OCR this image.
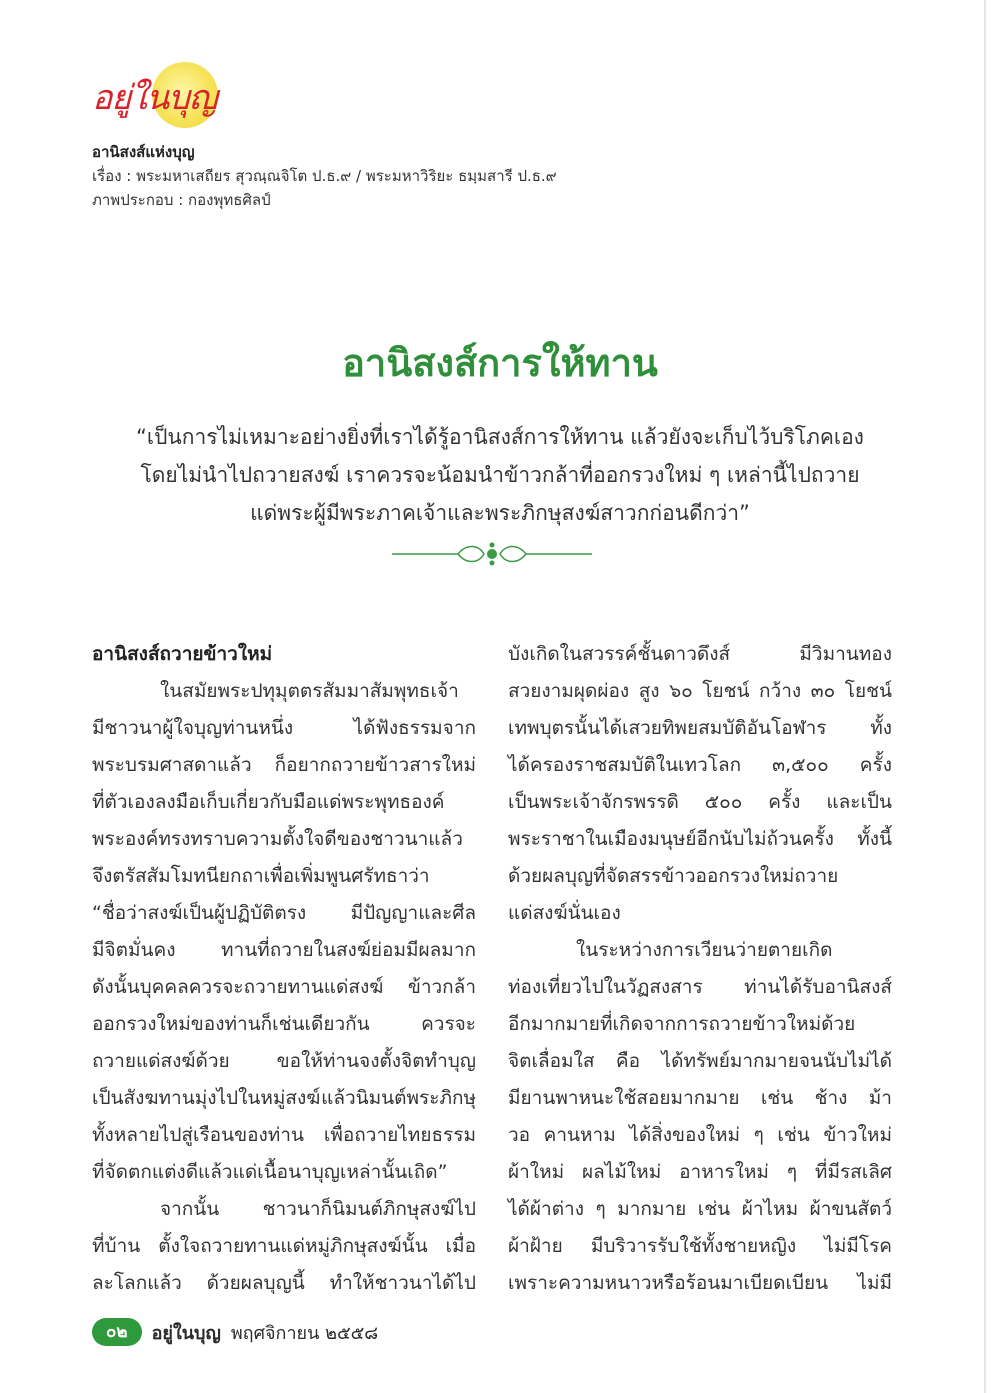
อยู่ในบุญ
อานิสงส์แห่งบุญ
เรื่อง : พระมหาเสถียร สุวณฺณจิโต ป.ธ.๙ / พระมหาวิริยะ ธมฺมสารี ป.ธ.๙
ภาพประกอบ : กองพุทธศิลป์
อานิสงส์การให้ทาน
“เป็นการไม่เหมาะอย่างยิ่งที่เราได้รู้อานิสงส์การให้ทาน แล้วยังจะเก็บไว้บริโภคเอง
โดยไม่นำไปถวายสงฆ์ เราควรจะน้อมนำข้าวกล้าที่ออกรวงใหม่ ๆ เหล่านี้ไปถวาย
แด่พระผู้มีพระภาคเจ้าและพระภิกษุสงฆ์สาวกก่อนดีกว่า”
อานิสงส์ถวายข้าวใหม่
ในสมัยพระปทุมุตตรสัมมาสัมพุทธเจ้า
มีชาวนาผู้ใจบุญท่านหนึ่ง	ได้ฟังธรรมจาก
พระบรมศาสดาแล้ว ก็อยากถวายข้าวสารใหม่
ที่ตัวเองลงมือเก็บเกี่ยวกับมือแด่พระพุทธองค์
พระองค์ทรงทราบความตั้งใจดีของชาวนาแล้ว
จึงตรัสสัมโมทนียกถาเพื่อเพิ่มพูนศรัทธาว่า
“ชื่อว่าสงฆ์เป็นผู้ปฏิบัติตรง มีปัญญาและศีล
มีจิตมั่นคง ทานที่ถวายในสงฆ์ย่อมมีผลมาก
ดังนั้นบุคคลควรจะถวายทานแด่สงฆ์ ข้าวกล้า
ออกรวงใหม่ของท่านก็เช่นเดียวกัน	ควรจะ
ถวายแด่สงฆ์ด้วย ขอให้ท่านจงตั้งจิตทำบุญ
เป็นสังฆทานมุ่งไปในหมู่สงฆ์ แล้วนิมนต์พระภิกษุ
ทั้งหลายไปสู่เรือนของท่าน เพื่อถวายไทยธรรม
ที่จัดตกแต่งดีแล้วแด่เนื้อนาบุญเหล่านั้นเถิด”
จากนั้น ชาวนาก็นิมนต์ภิกษุสงฆ์ไป
ที่บ้าน ตั้งใจถวายทานแด่หมู่ภิกษุสงฆ์นั้น เมื่อ
ละโลกแล้ว ด้วยผลบุญนี้ ทำให้ชาวนาได้ไป
บังเกิดในสวรรค์ชั้นดาวดึงส์	มีวิมานทอง
สวยงามผุดผ่อง สูง ๖๐ โยชน์ กว้าง ๓๐ โยชน์
เทพบุตรนั้นได้เสวยทิพยสมบัติอันโอฬาร ทั้ง
ได้ครองราชสมบัติในเทวโลก ๓,๕๐๐ ครั้ง
เป็นพระเจ้าจักรพรรดิ ๕๐๐ ครั้ง และเป็น
พระราชาในเมืองมนุษย์อีกนับไม่ถ้วนครั้ง ทั้งนี้
ด้วยผลบุญที่จัดสรรข้าวออกรวงใหม่ถวาย
แด่สงฆ์นั่นเอง
ในระหว่างการเวียนว่ายตายเกิด
ท่องเที่ยวไปในวัฏสงสาร ท่านได้รับอานิสงส์
อีกมากมายที่เกิดจากการถวายข้าวใหม่ด้วย
จิตเลื่อมใส คือ ได้ทรัพย์มากมายจนนับไม่ได้
มียานพาหนะใช้สอยมากมาย เช่น ช้าง ม้า
วอ คานหาม ได้สิ่งของใหม่ ๆ เช่น ข้าวใหม่
ผ้าใหม่ ผลไม้ใหม่ อาหารใหม่ ๆ ที่มีรสเลิศ
ได้ผ้าต่าง ๆ มากมาย เช่น ผ้าไหม ผ้าขนสัตว์
ผ้าฝ้าย มีบริวารรับใช้ทั้งชายหญิง ไม่มีโรค
เพราะความหนาวหรือร้อนมาเบียดเบียน ไม่มี
๐๒	อยู่ในบุญ พฤศจิกายน ๒๕๕๘
